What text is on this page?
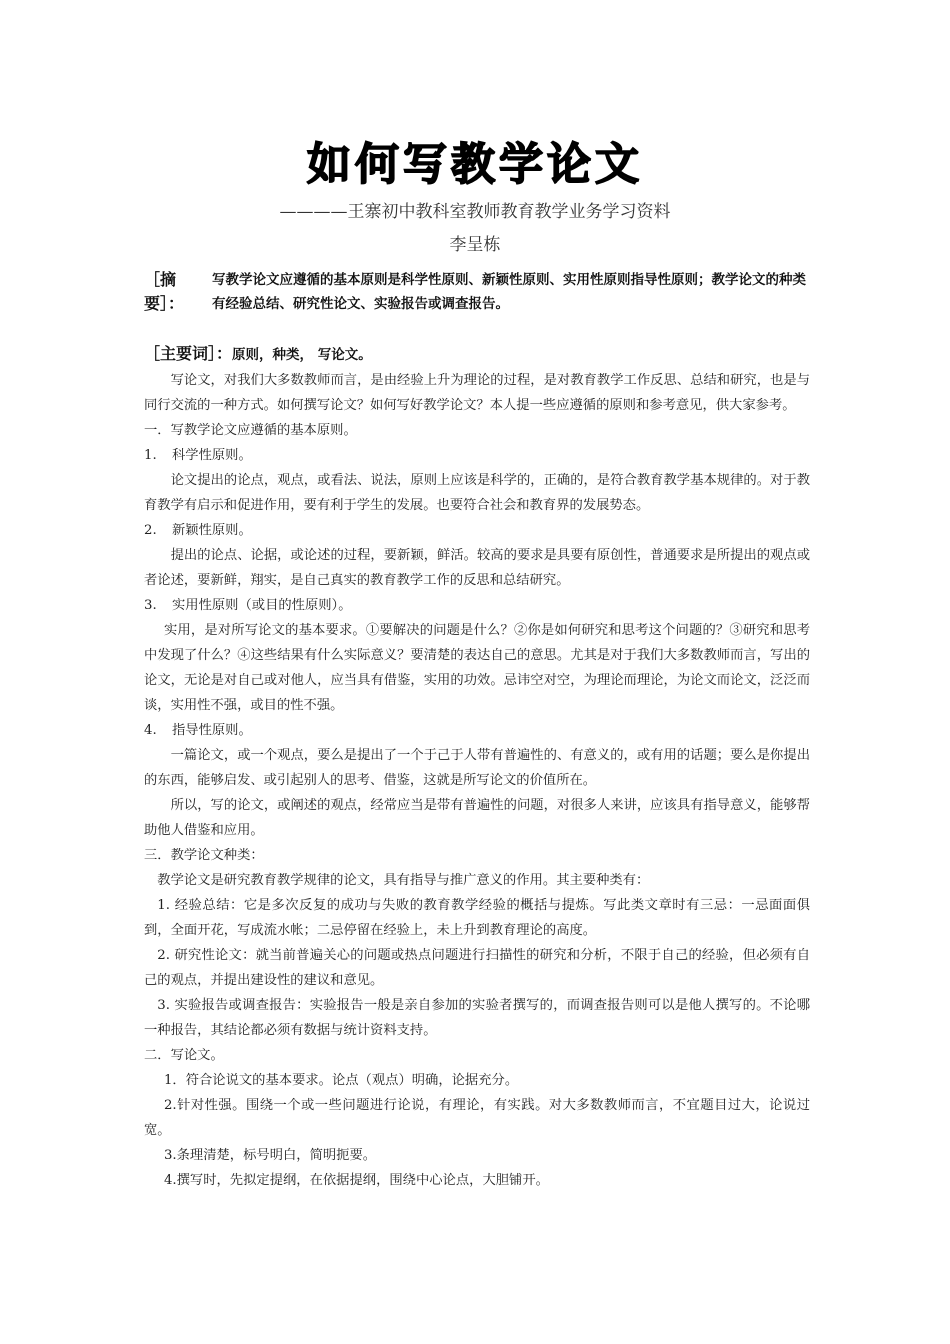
如何写教学论文
————王寨初中教科室教师教育教学业务学习资料
李呈栋
［摘要］：
写教学论文应遵循的基本原则是科学性原则、新颖性原则、实用性原则指导性原则；教学论文的种类有经验总结、研究性论文、实验报告或调查报告。
［主要词］：原则，种类， 写论文。

写论文，对我们大多数教师而言，是由经验上升为理论的过程，是对教育教学工作反思、总结和研究，也是与同行交流的一种方式。如何撰写论文？如何写好教学论文？本人提一些应遵循的原则和参考意见，供大家参考。

一．写教学论文应遵循的基本原则。

1. 科学性原则。

论文提出的论点，观点，或看法、说法，原则上应该是科学的，正确的，是符合教育教学基本规律的。对于教育教学有启示和促进作用，要有利于学生的发展。也要符合社会和教育界的发展势态。

2. 新颖性原则。

提出的论点、论据，或论述的过程，要新颖，鲜活。较高的要求是具要有原创性，普通要求是所提出的观点或者论述，要新鲜，翔实，是自己真实的教育教学工作的反思和总结研究。

3. 实用性原则（或目的性原则）。

实用，是对所写论文的基本要求。①要解决的问题是什么？②你是如何研究和思考这个问题的？③研究和思考中发现了什么？④这些结果有什么实际意义？要清楚的表达自己的意思。尤其是对于我们大多数教师而言，写出的论文，无论是对自己或对他人，应当具有借鉴，实用的功效。忌讳空对空，为理论而理论，为论文而论文，泛泛而谈，实用性不强，或目的性不强。

4. 指导性原则。

一篇论文，或一个观点，要么是提出了一个于己于人带有普遍性的、有意义的，或有用的话题；要么是你提出的东西，能够启发、或引起别人的思考、借鉴，这就是所写论文的价值所在。

所以，写的论文，或阐述的观点，经常应当是带有普遍性的问题，对很多人来讲，应该具有指导意义，能够帮助他人借鉴和应用。

三．教学论文种类：

教学论文是研究教育教学规律的论文，具有指导与推广意义的作用。其主要种类有：

1. 经验总结：它是多次反复的成功与失败的教育教学经验的概括与提炼。写此类文章时有三忌：一忌面面俱到，全面开花，写成流水帐；二忌停留在经验上，未上升到教育理论的高度。

2. 研究性论文：就当前普遍关心的问题或热点问题进行扫描性的研究和分析，不限于自己的经验，但必须有自己的观点，并提出建设性的建议和意见。

3. 实验报告或调查报告：实验报告一般是亲自参加的实验者撰写的，而调查报告则可以是他人撰写的。不论哪一种报告，其结论都必须有数据与统计资料支持。

二．写论文。

1．符合论说文的基本要求。论点（观点）明确，论据充分。

2.针对性强。围绕一个或一些问题进行论说，有理论，有实践。对大多数教师而言，不宜题目过大，论说过宽。

3.条理清楚，标号明白，简明扼要。

4.撰写时，先拟定提纲，在依据提纲，围绕中心论点，大胆铺开。
